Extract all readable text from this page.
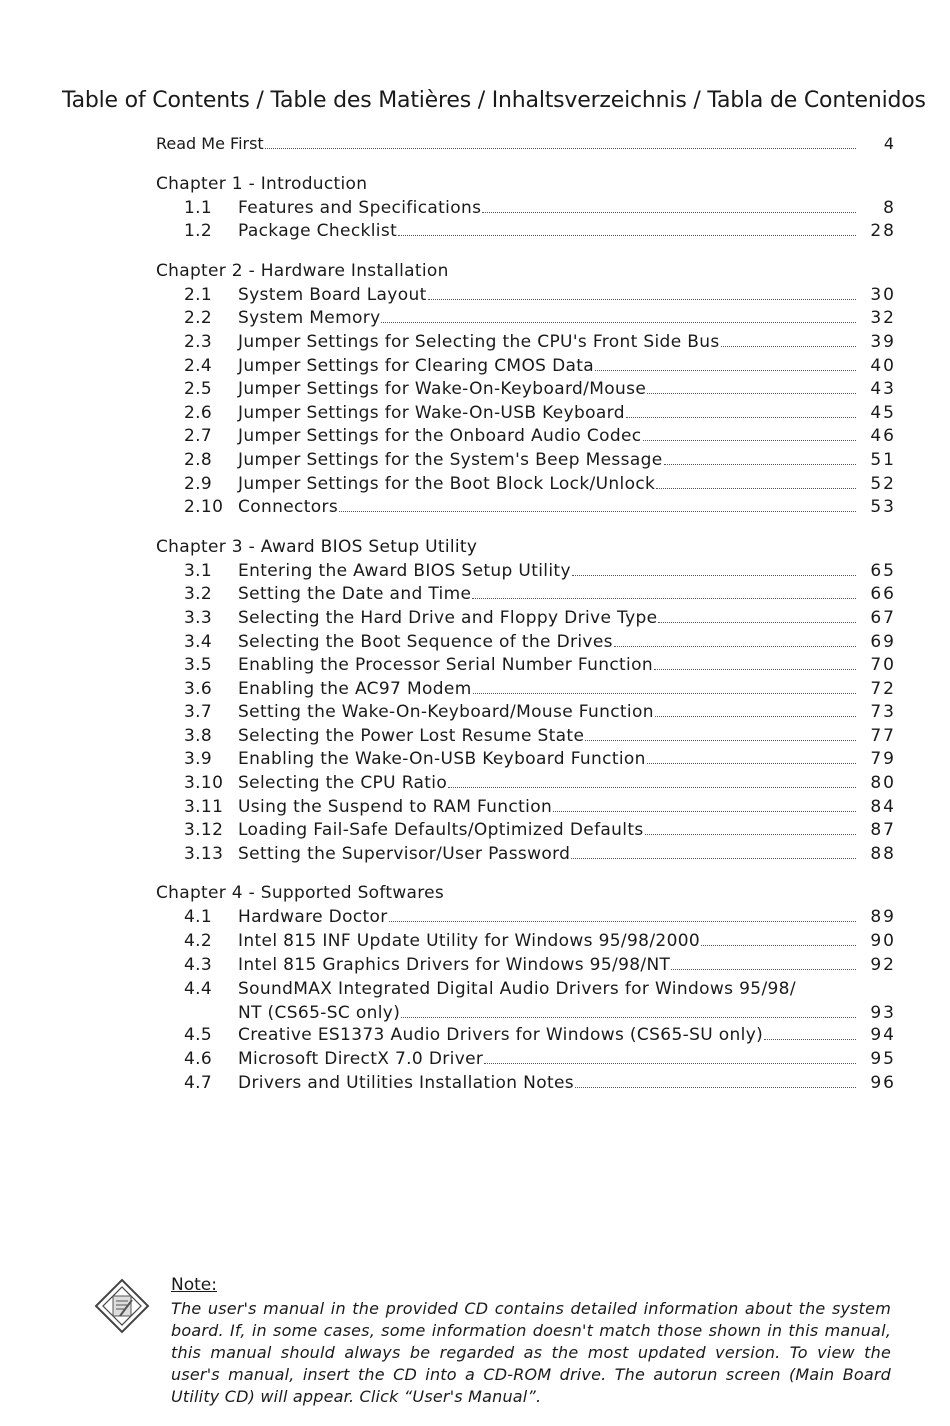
Table of Contents / Table des Matières / Inhaltsverzeichnis / Tabla de Contenidos
Read Me First	4
Chapter 1 - Introduction
1.1	Features and Specifications	8
1.2	Package Checklist	28
Chapter 2 - Hardware Installation
2.1	System Board Layout	30
2.2	System Memory	32
2.3	Jumper Settings for Selecting the CPU's Front Side Bus	39
2.4	Jumper Settings for Clearing CMOS Data	40
2.5	Jumper Settings for Wake-On-Keyboard/Mouse	43
2.6	Jumper Settings for Wake-On-USB Keyboard	45
2.7	Jumper Settings for the Onboard Audio Codec	46
2.8	Jumper Settings for the System's Beep Message	51
2.9	Jumper Settings for the Boot Block Lock/Unlock	52
2.10 Connectors	53
Chapter 3 - Award BIOS Setup Utility
3.1	Entering the Award BIOS Setup Utility	65
3.2	Setting the Date and Time	66
3.3	Selecting the Hard Drive and Floppy Drive Type	67
3.4	Selecting the Boot Sequence of the Drives	69
3.5	Enabling the Processor Serial Number Function	70
3.6	Enabling the AC97 Modem	72
3.7	Setting the Wake-On-Keyboard/Mouse Function	73
3.8	Selecting the Power Lost Resume State	77
3.9	Enabling the Wake-On-USB Keyboard Function	79
3.10 Selecting the CPU Ratio	80
3.11 Using the Suspend to RAM Function	84
3.12 Loading Fail-Safe Defaults/Optimized Defaults	87
3.13 Setting the Supervisor/User Password	88
Chapter 4 - Supported Softwares
4.1	Hardware Doctor	89
4.2	Intel 815 INF Update Utility for Windows 95/98/2000	90
4.3	Intel 815 Graphics Drivers for Windows 95/98/NT	92
4.4	SoundMAX Integrated Digital Audio Drivers for Windows 95/98/
NT (CS65-SC only)	93
4.5	Creative ES1373 Audio Drivers for Windows (CS65-SU only)	94
4.6	Microsoft DirectX 7.0 Driver	95
4.7	Drivers and Utilities Installation Notes	96
Note:
The user's manual in the provided CD contains detailed information about the system board. If, in some cases, some information doesn't match those shown in this manual, this manual should always be regarded as the most updated version. To view the user's manual, insert the CD into a CD-ROM drive. The autorun screen (Main Board Utility CD) will appear. Click “User's Manual”.
